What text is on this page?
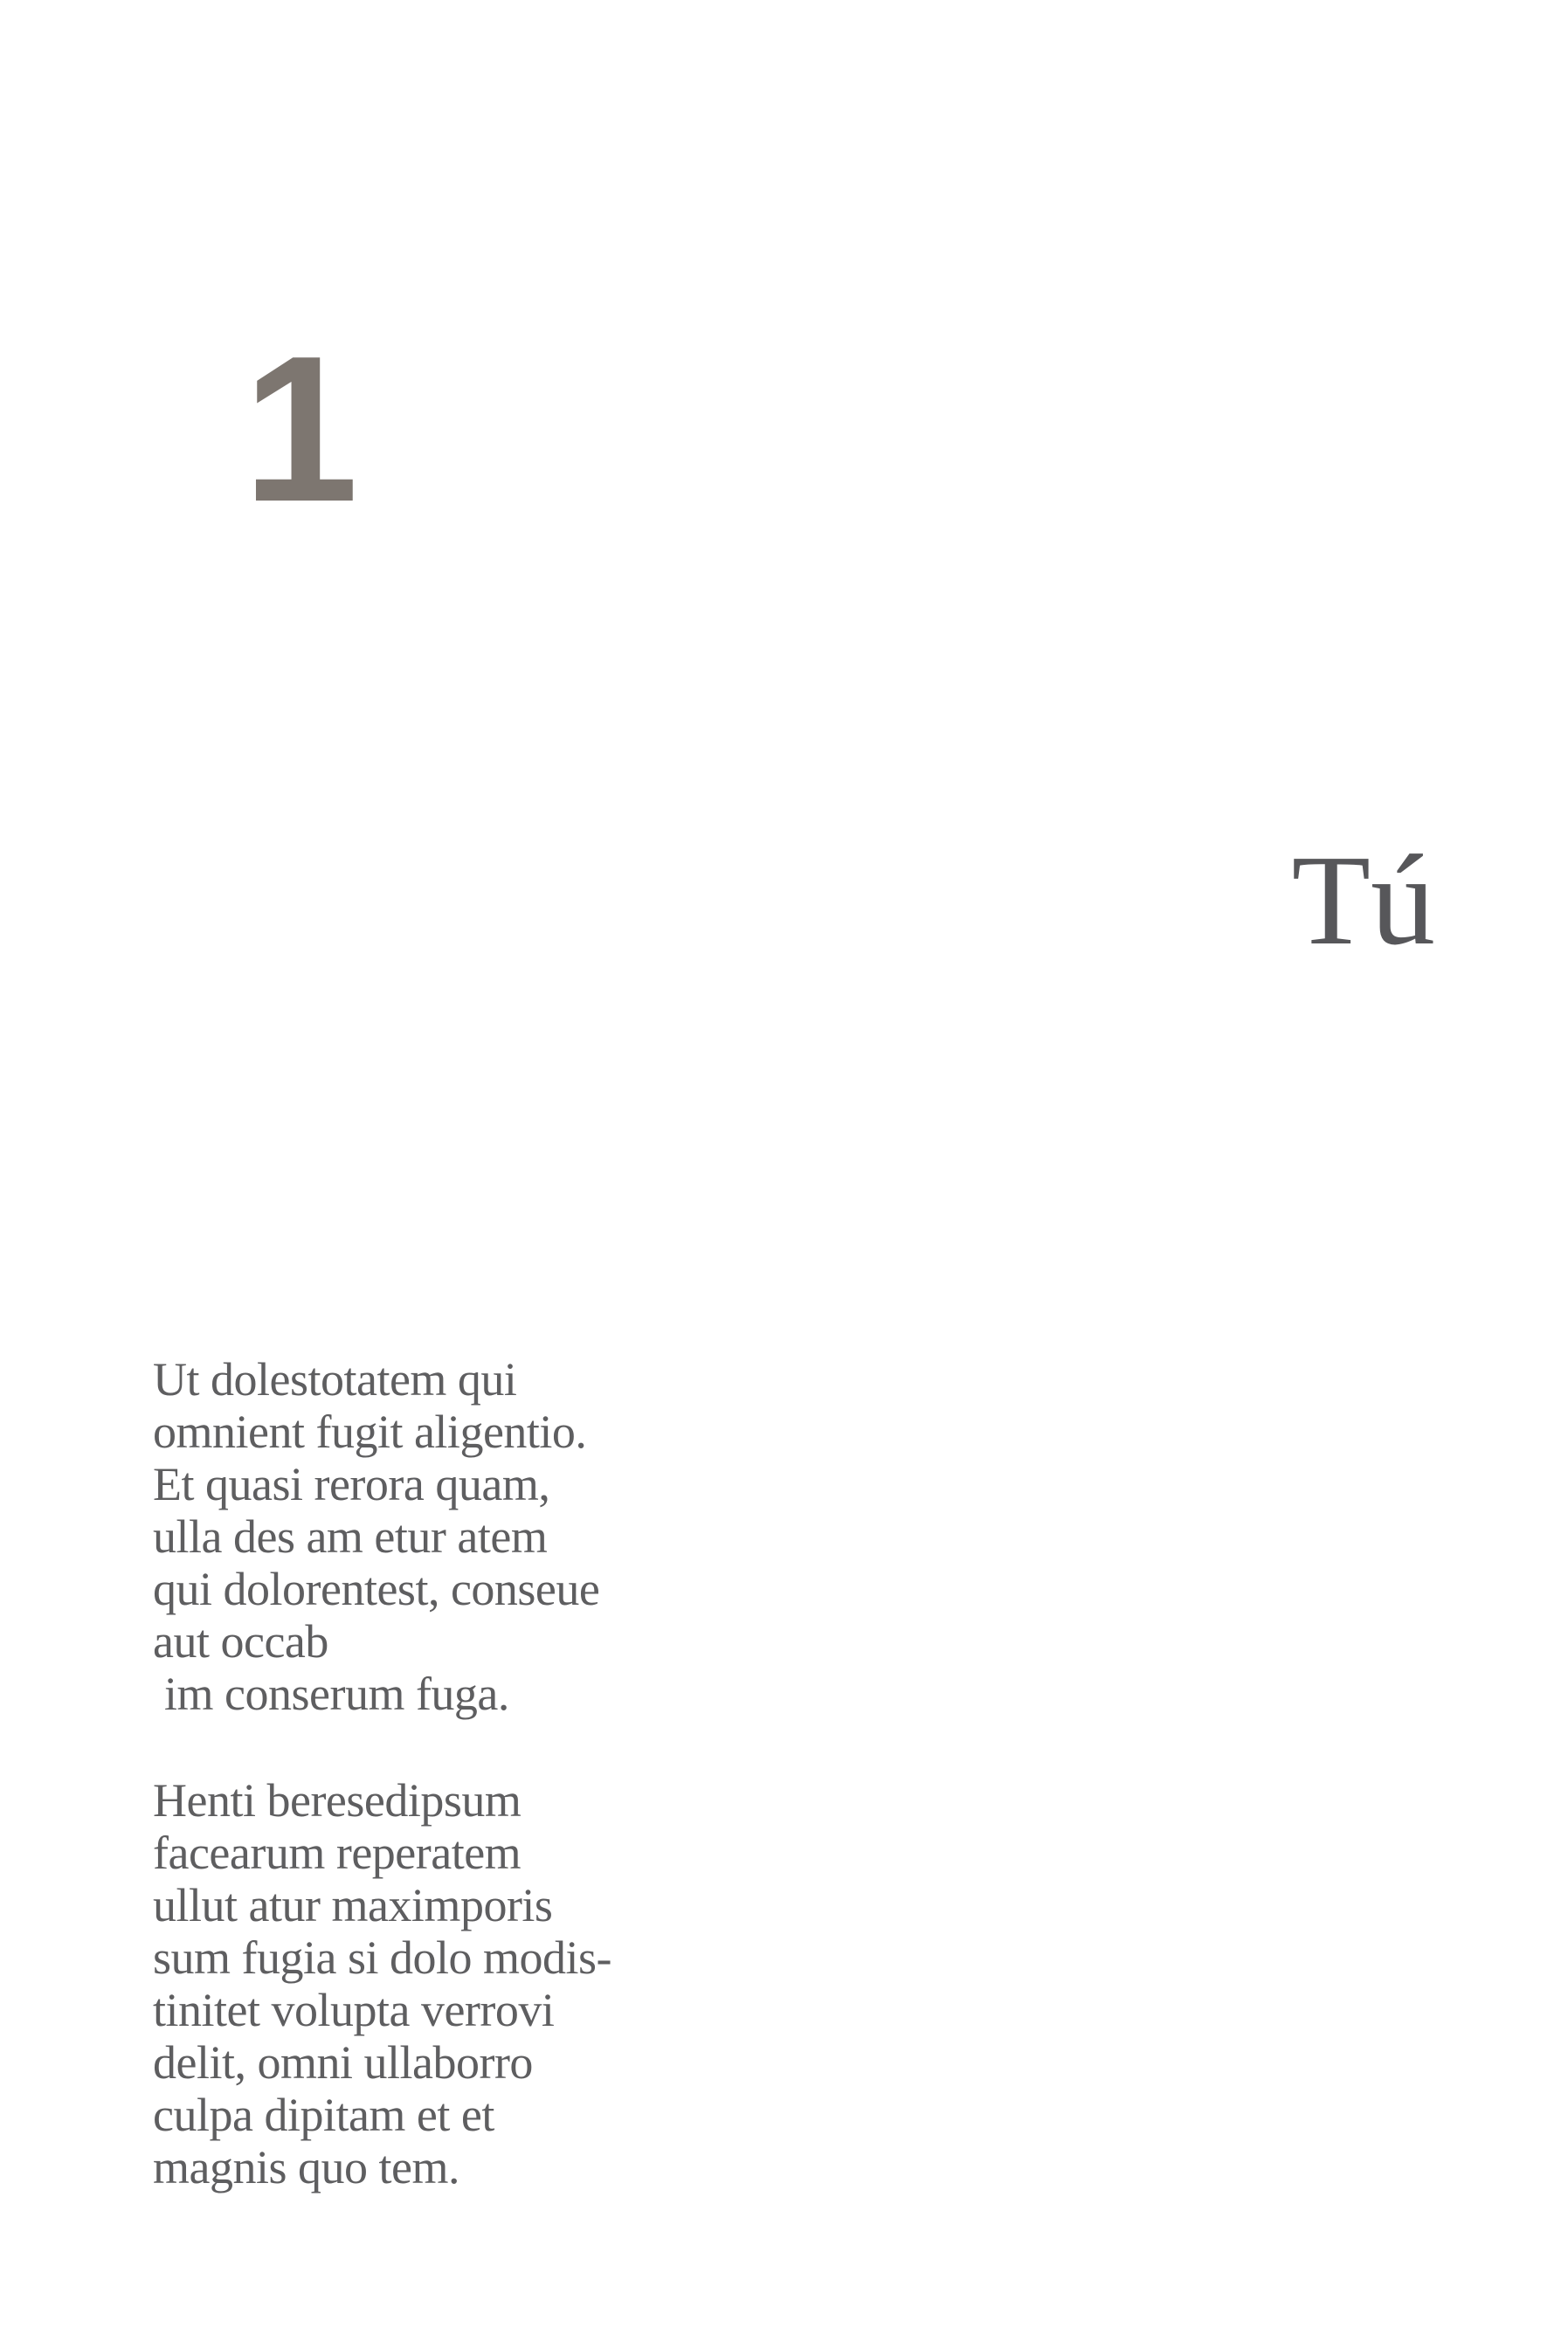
1
Tú

Ut dolestotatem qui
omnient fugit aligentio.
Et quasi rerora quam,
ulla des am etur atem
qui dolorentest, conseue
aut occab
im conserum fuga.

Henti beresedipsum
facearum reperatem
ullut atur maximporis
sum fugia si dolo modis-
tinitet volupta verrovi
delit, omni ullaborro
culpa dipitam et et
magnis quo tem.
